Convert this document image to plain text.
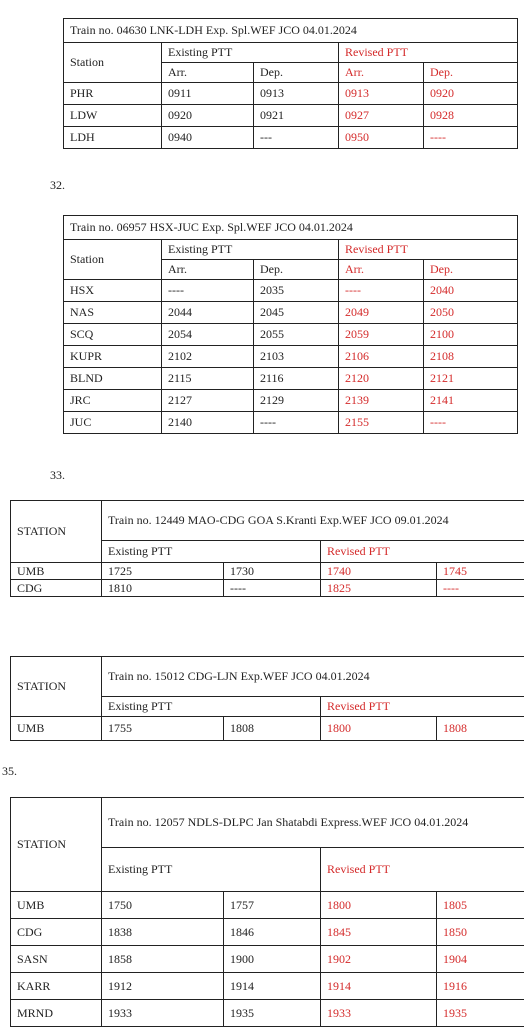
Train no. 04630 LNK-LDH Exp. Spl.WEF JCO 04.01.2024				
Station	Existing PTT		Revised PTT	
	Arr.	Dep.	Arr.	Dep.
PHR	0911	0913	0913	0920
LDW	0920	0921	0927	0928
LDH	0940	---	0950	----
32.
Train no. 06957 HSX-JUC Exp. Spl.WEF JCO 04.01.2024				
Station	Existing PTT		Revised PTT	
	Arr.	Dep.	Arr.	Dep.
HSX	----	2035	----	2040
NAS	2044	2045	2049	2050
SCQ	2054	2055	2059	2100
KUPR	2102	2103	2106	2108
BLND	2115	2116	2120	2121
JRC	2127	2129	2139	2141
JUC	2140	----	2155	----
33.
STATION	Train no. 12449 MAO-CDG GOA S.Kranti Exp.WEF JCO 09.01.2024			
	Existing PTT		Revised PTT	
UMB	1725	1730	1740	1745
CDG	1810	----	1825	----
STATION	Train no. 15012 CDG-LJN Exp.WEF JCO 04.01.2024			
	Existing PTT		Revised PTT	
UMB	1755	1808	1800	1808
35.
STATION	Train no. 12057 NDLS-DLPC Jan Shatabdi Express.WEF JCO 04.01.2024			
	Existing PTT		Revised PTT	
UMB	1750	1757	1800	1805
CDG	1838	1846	1845	1850
SASN	1858	1900	1902	1904
KARR	1912	1914	1914	1916
MRND	1933	1935	1933	1935
